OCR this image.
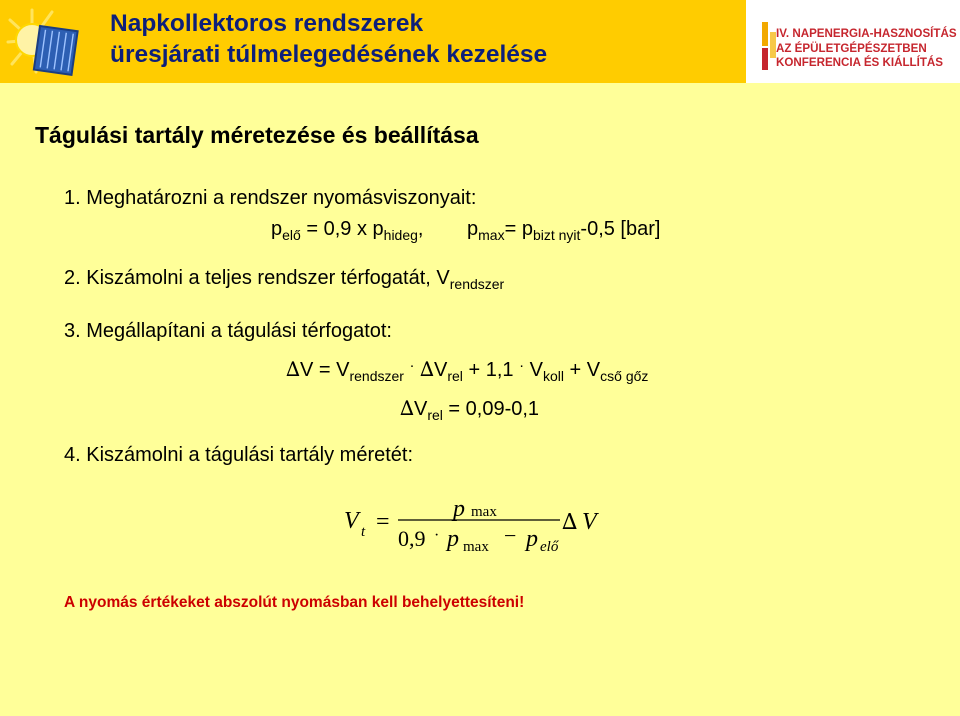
Napkollektoros rendszerek
üresjárati túlmelegedésének kezelése
IV. NAPENERGIA-HASZNOSÍTÁS
AZ ÉPÜLETGÉPÉSZETBEN
KONFERENCIA ÉS KIÁLLÍTÁS
Tágulási tartály méretezése és beállítása
1. Meghatározni a rendszer nyomásviszonyait:
$p_{elő} = 0,9$ x $p_{hideg}$, $p_{max}= p_{bizt nyit}-0,5$ [bar]
2. Kiszámolni a teljes rendszer térfogatát, $V_{rendszer}$
3. Megállapítani a tágulási térfogatot:
$\Delta V = V_{rendszer}$ · $\Delta V_{rel} + 1,1$ · $V_{koll} + V_{cső gőz}$
$\Delta V_{rel} = 0,09-0,1$
4. Kiszámolni a tágulási tartály méretét:
V t =	p max
0,9 · p max − p elő
∆ V
A nyomás értékeket abszolút nyomásban kell behelyettesíteni!
